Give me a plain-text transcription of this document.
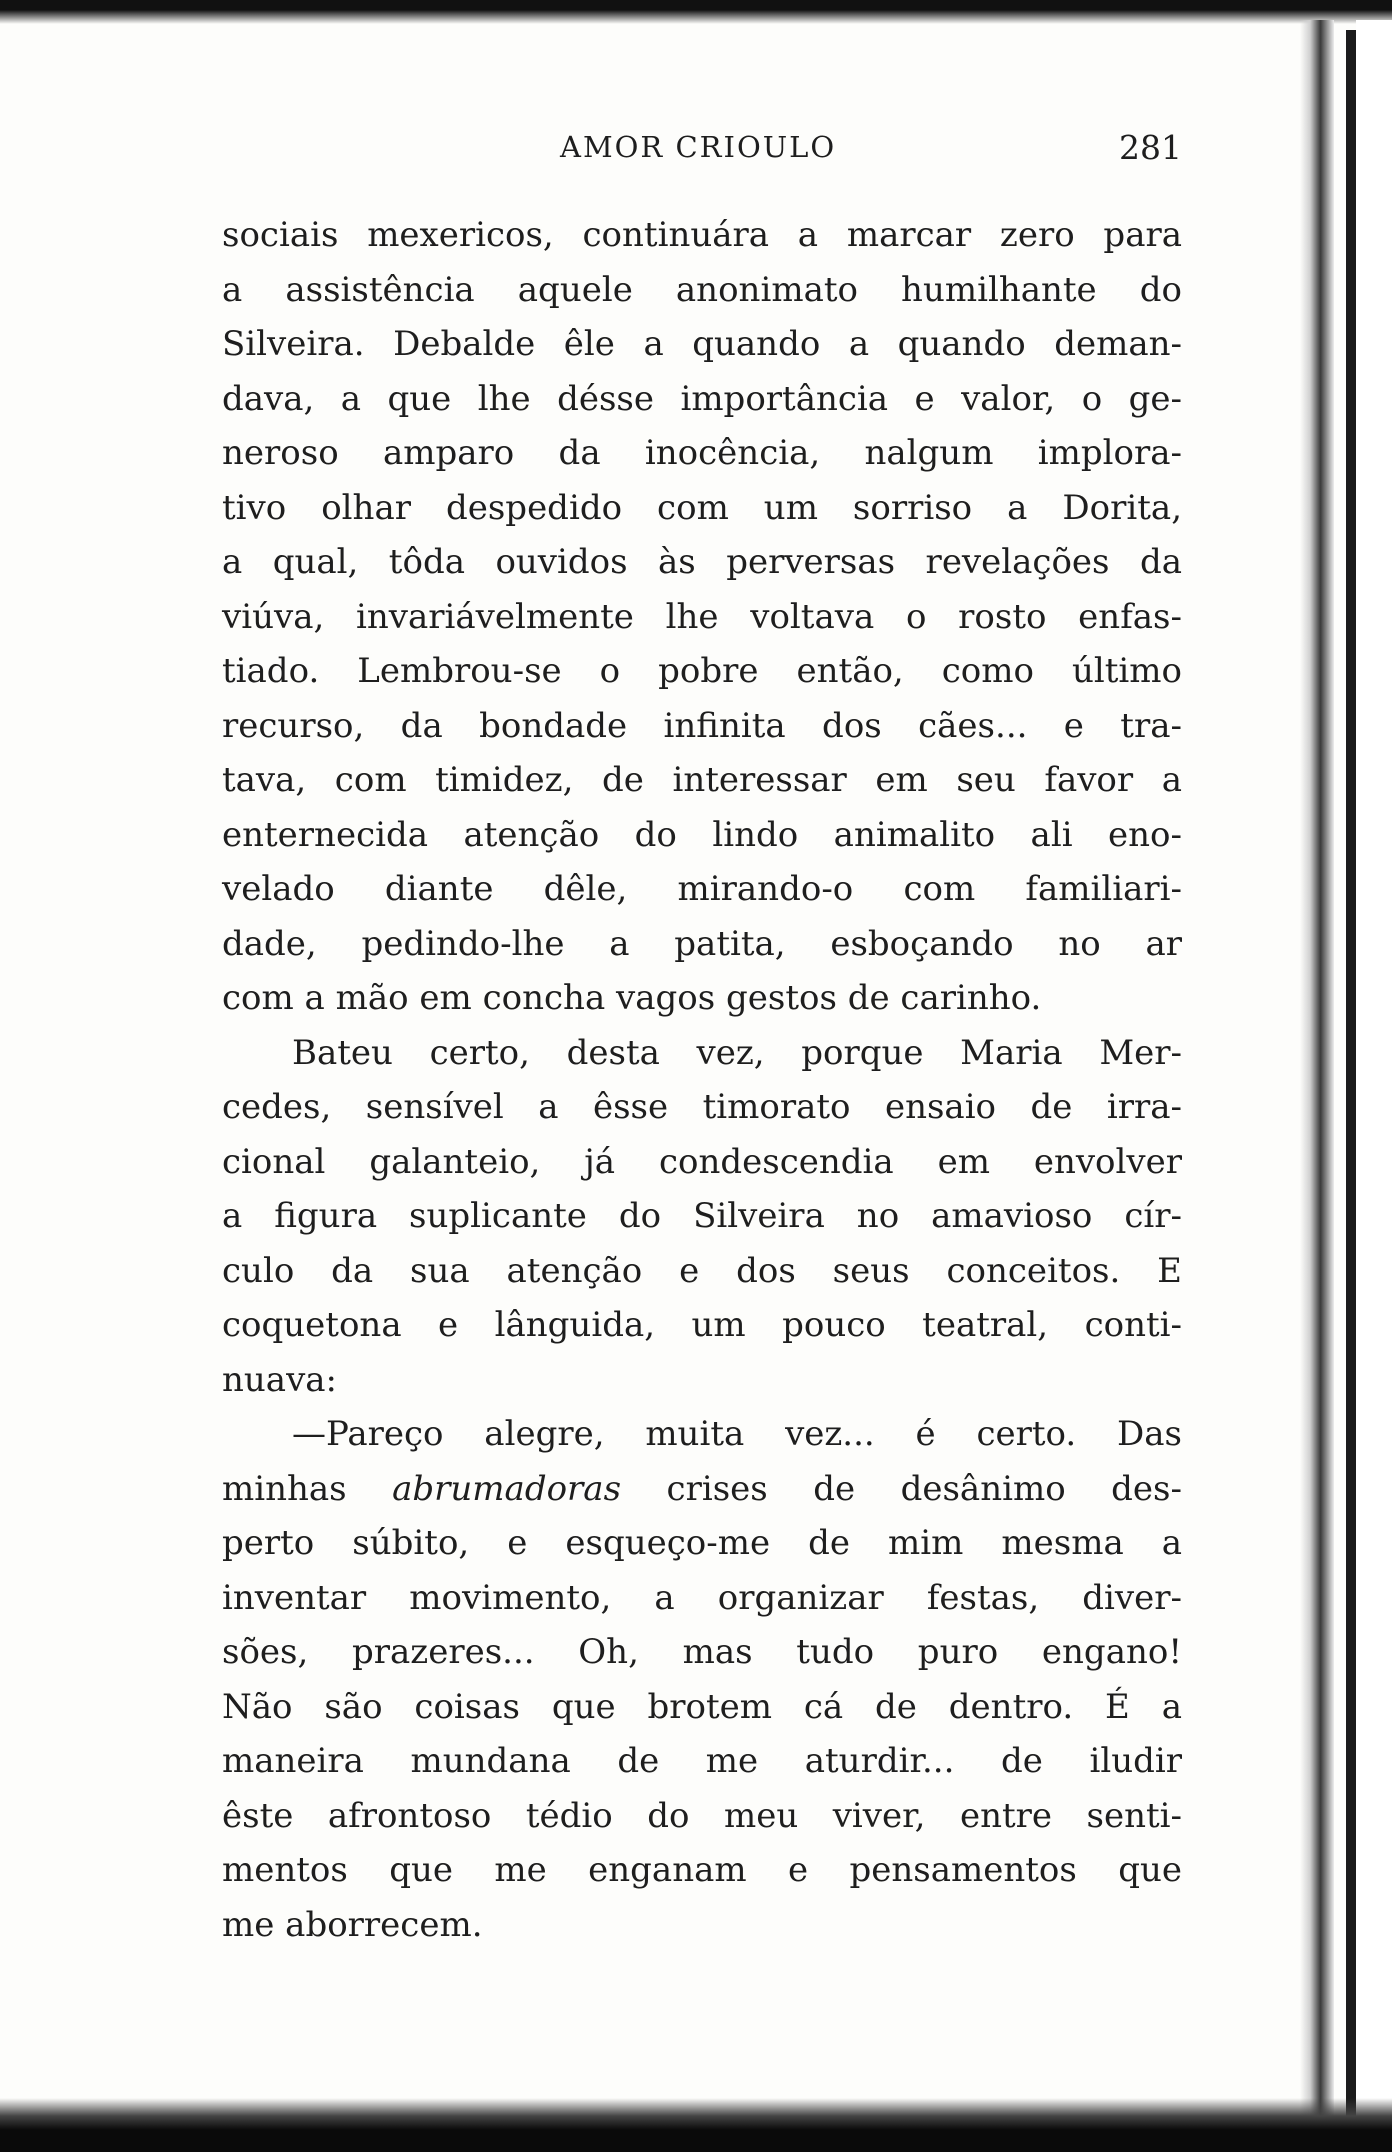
AMOR CRIOULO	281
sociais mexericos, continuára a marcar zero para
a assistência aquele anonimato humilhante do
Silveira. Debalde êle a quando a quando deman-
dava, a que lhe désse importância e valor, o ge-
neroso amparo da inocência, nalgum implora-
tivo olhar despedido com um sorriso a Dorita,
a qual, tôda ouvidos às perversas revelações da
viúva, invariávelmente lhe voltava o rosto enfas-
tiado. Lembrou-se o pobre então, como último
recurso, da bondade infinita dos cães... e tra-
tava, com timidez, de interessar em seu favor a
enternecida atenção do lindo animalito ali eno-
velado diante dêle, mirando-o com familiari-
dade, pedindo-lhe a patita, esboçando no ar
com a mão em concha vagos gestos de carinho.
Bateu certo, desta vez, porque Maria Mer-
cedes, sensível a êsse timorato ensaio de irra-
cional galanteio, já condescendia em envolver
a figura suplicante do Silveira no amavioso cír-
culo da sua atenção e dos seus conceitos. E
coquetona e lânguida, um pouco teatral, conti-
nuava:
—Pareço alegre, muita vez... é certo. Das
minhas abrumadoras crises de desânimo des-
perto súbito, e esqueço-me de mim mesma a
inventar movimento, a organizar festas, diver-
sões, prazeres... Oh, mas tudo puro engano!
Não são coisas que brotem cá de dentro. É a
maneira mundana de me aturdir... de iludir
êste afrontoso tédio do meu viver, entre senti-
mentos que me enganam e pensamentos que
me aborrecem.
